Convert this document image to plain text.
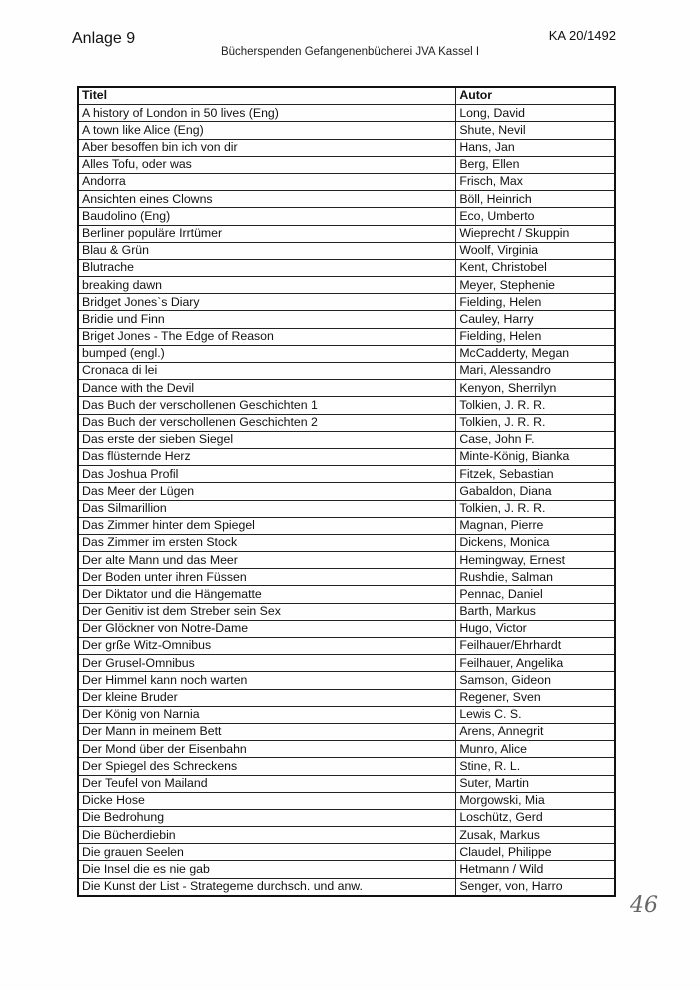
Anlage 9	KA 20/1492
Bücherspenden Gefangenenbücherei JVA Kassel I
Titel	Autor
A history of London in 50 lives (Eng)	Long, David
A town like Alice (Eng)	Shute, Nevil
Aber besoffen bin ich von dir	Hans, Jan
Alles Tofu, oder was	Berg, Ellen
Andorra	Frisch, Max
Ansichten eines Clowns	Böll, Heinrich
Baudolino (Eng)	Eco, Umberto
Berliner populäre Irrtümer	Wieprecht / Skuppin
Blau & Grün	Woolf, Virginia
Blutrache	Kent, Christobel
breaking dawn	Meyer, Stephenie
Bridget Jones`s Diary	Fielding, Helen
Bridie und Finn	Cauley, Harry
Briget Jones - The Edge of Reason	Fielding, Helen
bumped (engl.)	McCadderty, Megan
Cronaca di lei	Mari, Alessandro
Dance with the Devil	Kenyon, Sherrilyn
Das Buch der verschollenen Geschichten 1	Tolkien, J. R. R.
Das Buch der verschollenen Geschichten 2	Tolkien, J. R. R.
Das erste der sieben Siegel	Case, John F.
Das flüsternde Herz	Minte-König, Bianka
Das Joshua Profil	Fitzek, Sebastian
Das Meer der Lügen	Gabaldon, Diana
Das Silmarillion	Tolkien, J. R. R.
Das Zimmer hinter dem Spiegel	Magnan, Pierre
Das Zimmer im ersten Stock	Dickens, Monica
Der alte Mann und das Meer	Hemingway, Ernest
Der Boden unter ihren Füssen	Rushdie, Salman
Der Diktator und die Hängematte	Pennac, Daniel
Der Genitiv ist dem Streber sein Sex	Barth, Markus
Der Glöckner von Notre-Dame	Hugo, Victor
Der grße Witz-Omnibus	Feilhauer/Ehrhardt
Der Grusel-Omnibus	Feilhauer, Angelika
Der Himmel kann noch warten	Samson, Gideon
Der kleine Bruder	Regener, Sven
Der König von Narnia	Lewis C. S.
Der Mann in meinem Bett	Arens, Annegrit
Der Mond über der Eisenbahn	Munro, Alice
Der Spiegel des Schreckens	Stine, R. L.
Der Teufel von Mailand	Suter, Martin
Dicke Hose	Morgowski, Mia
Die Bedrohung	Loschütz, Gerd
Die Bücherdiebin	Zusak, Markus
Die grauen Seelen	Claudel, Philippe
Die Insel die es nie gab	Hetmann / Wild
Die Kunst der List - Strategeme durchsch. und anw.	Senger, von, Harro
46
